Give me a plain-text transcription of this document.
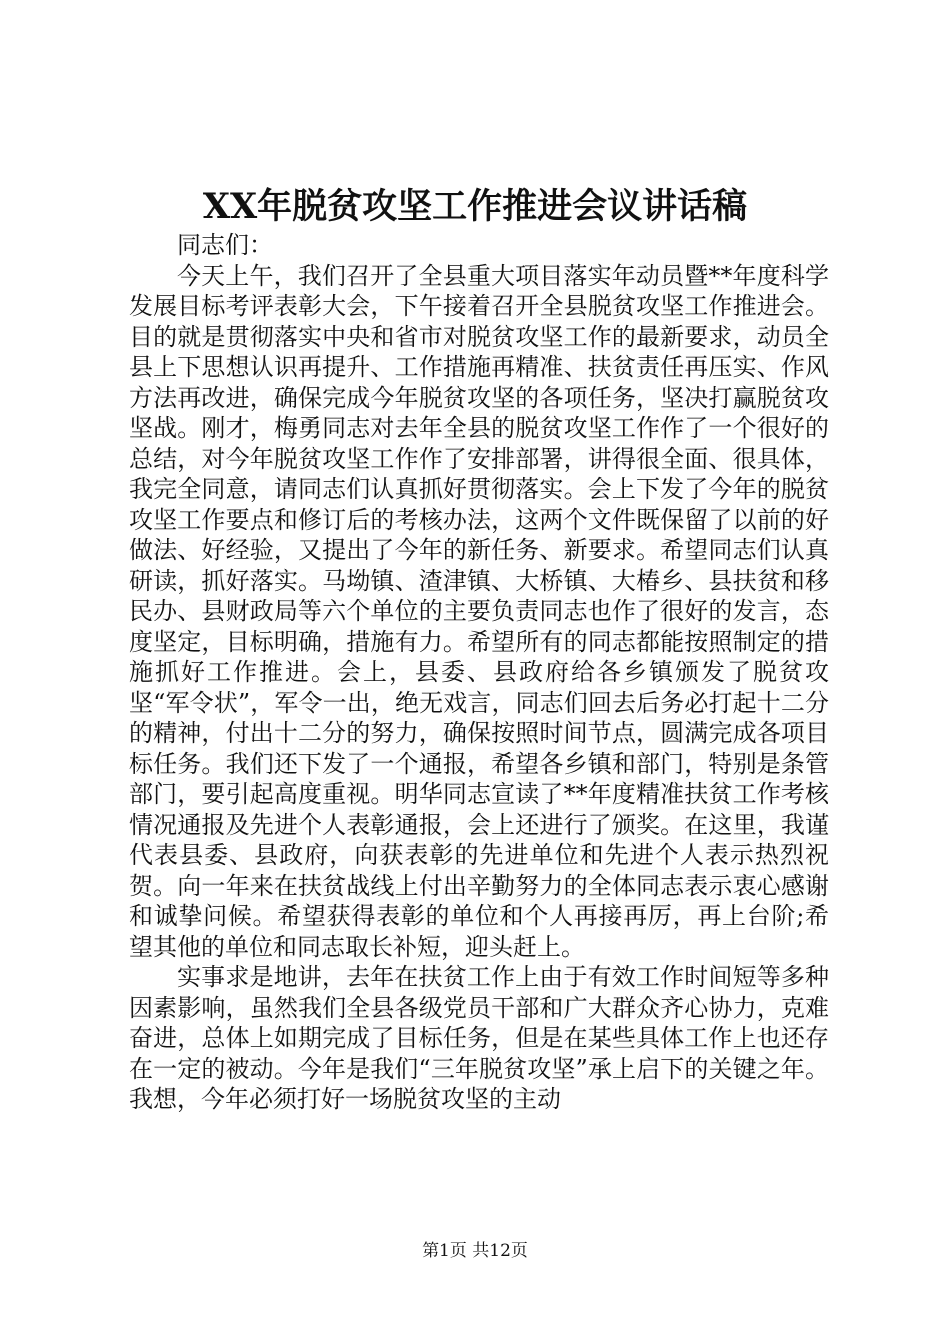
XX年脱贫攻坚工作推进会议讲话稿

同志们：

今天上午，我们召开了全县重大项目落实年动员暨**年度科学发展目标考评表彰大会，下午接着召开全县脱贫攻坚工作推进会。目的就是贯彻落实中央和省市对脱贫攻坚工作的最新要求，动员全县上下思想认识再提升、工作措施再精准、扶贫责任再压实、作风方法再改进，确保完成今年脱贫攻坚的各项任务，坚决打赢脱贫攻坚战。刚才，梅勇同志对去年全县的脱贫攻坚工作作了一个很好的总结，对今年脱贫攻坚工作作了安排部署，讲得很全面、很具体，我完全同意，请同志们认真抓好贯彻落实。会上下发了今年的脱贫攻坚工作要点和修订后的考核办法，这两个文件既保留了以前的好做法、好经验，又提出了今年的新任务、新要求。希望同志们认真研读，抓好落实。马坳镇、渣津镇、大桥镇、大椿乡、县扶贫和移民办、县财政局等六个单位的主要负责同志也作了很好的发言，态度坚定，目标明确，措施有力。希望所有的同志都能按照制定的措施抓好工作推进。会上，县委、县政府给各乡镇颁发了脱贫攻坚“军令状”，军令一出，绝无戏言，同志们回去后务必打起十二分的精神，付出十二分的努力，确保按照时间节点，圆满完成各项目标任务。我们还下发了一个通报，希望各乡镇和部门，特别是条管部门，要引起高度重视。明华同志宣读了**年度精准扶贫工作考核情况通报及先进个人表彰通报，会上还进行了颁奖。在这里，我谨代表县委、县政府，向获表彰的先进单位和先进个人表示热烈祝贺。向一年来在扶贫战线上付出辛勤努力的全体同志表示衷心感谢和诚挚问候。希望获得表彰的单位和个人再接再厉，再上台阶;希望其他的单位和同志取长补短，迎头赶上。

实事求是地讲，去年在扶贫工作上由于有效工作时间短等多种因素影响，虽然我们全县各级党员干部和广大群众齐心协力，克难奋进，总体上如期完成了目标任务，但是在某些具体工作上也还存在一定的被动。今年是我们“三年脱贫攻坚”承上启下的关键之年。我想，今年必须打好一场脱贫攻坚的主动

第1页 共12页
